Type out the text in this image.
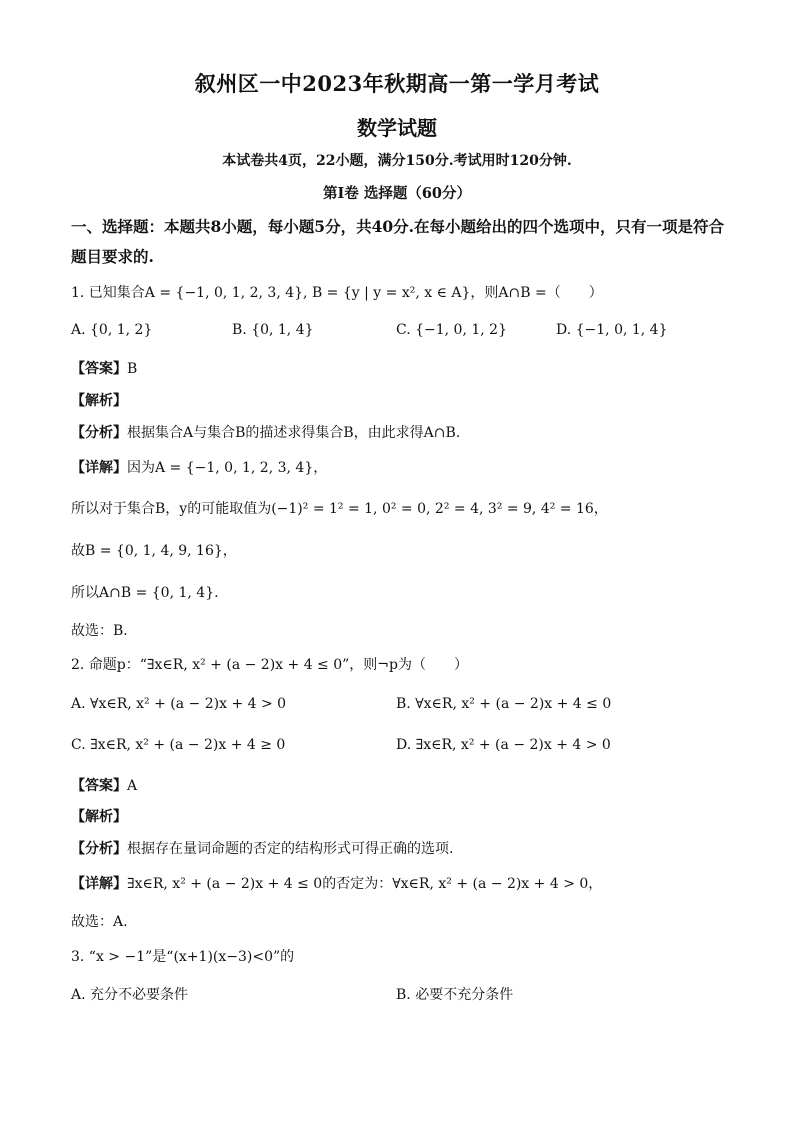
叙州区一中2023年秋期高一第一学月考试
数学试题
本试卷共4页，22小题，满分150分.考试用时120分钟.
第I卷 选择题（60分）
一、选择题：本题共8小题，每小题5分，共40分.在每小题给出的四个选项中，只有一项是符合题目要求的.
1. 已知集合A = {−1, 0, 1, 2, 3, 4}, B = {y | y = x², x ∈ A}，则A∩B =（　　）
A. {0, 1, 2}	B. {0, 1, 4}	C. {−1, 0, 1, 2}	D. {−1, 0, 1, 4}
【答案】B
【解析】
【分析】根据集合A与集合B的描述求得集合B，由此求得A∩B.
【详解】因为A = {−1, 0, 1, 2, 3, 4}，
所以对于集合B，y的可能取值为(−1)² = 1² = 1, 0² = 0, 2² = 4, 3² = 9, 4² = 16，
故B = {0, 1, 4, 9, 16}，
所以A∩B = {0, 1, 4}.
故选：B.
2. 命题p：“∃x∈R, x² + (a − 2)x + 4 ≤ 0”，则¬p为（　　）
A. ∀x∈R, x² + (a − 2)x + 4 > 0	B. ∀x∈R, x² + (a − 2)x + 4 ≤ 0
C. ∃x∈R, x² + (a − 2)x + 4 ≥ 0	D. ∃x∈R, x² + (a − 2)x + 4 > 0
【答案】A
【解析】
【分析】根据存在量词命题的否定的结构形式可得正确的选项.
【详解】∃x∈R, x² + (a − 2)x + 4 ≤ 0的否定为：∀x∈R, x² + (a − 2)x + 4 > 0，
故选：A.
3. “x > −1”是“(x+1)(x−3)<0”的
A. 充分不必要条件	B. 必要不充分条件
